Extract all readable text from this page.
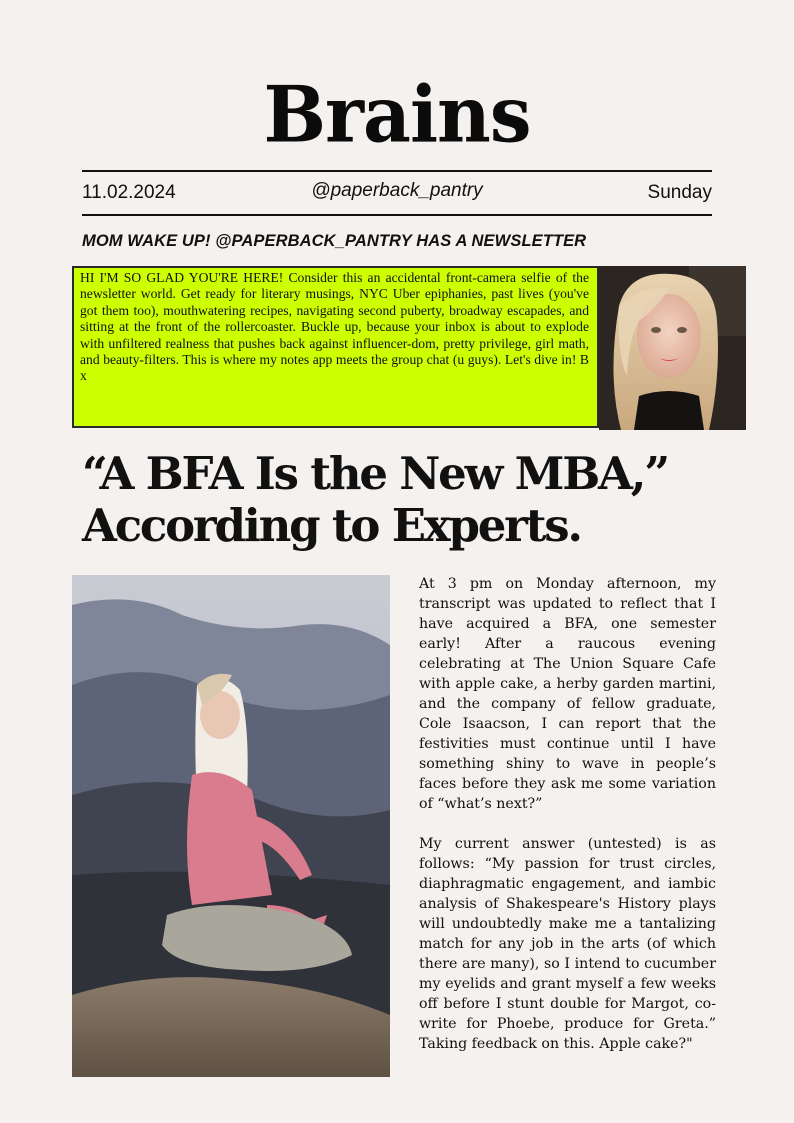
Brains
11.02.2024	@paperback_pantry	Sunday
MOM WAKE UP! @PAPERBACK_PANTRY HAS A NEWSLETTER
HI I'M SO GLAD YOU'RE HERE! Consider this an accidental front-camera selfie of the newsletter world. Get ready for literary musings, NYC Uber epiphanies, past lives (you've got them too), mouthwatering recipes, navigating second puberty, broadway escapades, and sitting at the front of the rollercoaster. Buckle up, because your inbox is about to explode with unfiltered realness that pushes back against influencer-dom, pretty privilege, girl math, and beauty-filters. This is where my notes app meets the group chat (u guys). Let's dive in! B x
“A BFA Is the New MBA,”
According to Experts.

At 3 pm on Monday afternoon, my transcript was updated to reflect that I have acquired a BFA, one semester early! After a raucous evening celebrating at The Union Square Cafe with apple cake, a herby garden martini, and the company of fellow graduate, Cole Isaacson, I can report that the festivities must continue until I have something shiny to wave in people’s faces before they ask me some variation of “what’s next?”

My current answer (untested) is as follows: “My passion for trust circles, diaphragmatic engagement, and iambic analysis of Shakespeare's History plays will undoubtedly make me a tantalizing match for any job in the arts (of which there are many), so I intend to cucumber my eyelids and grant myself a few weeks off before I stunt double for Margot, co-write for Phoebe, produce for Greta.” Taking feedback on this. Apple cake?"
